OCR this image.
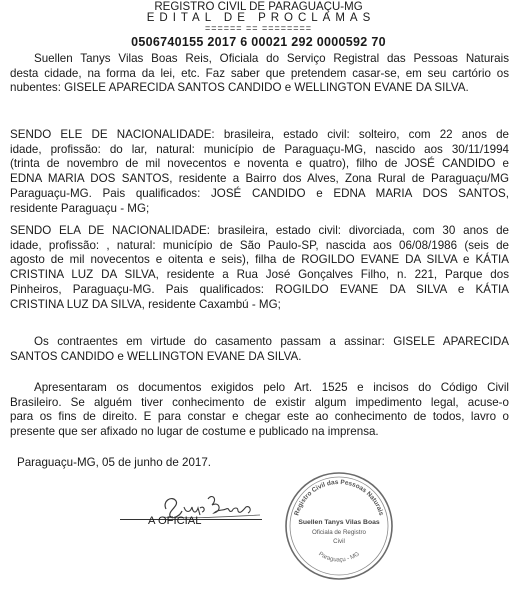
REGISTRO CIVIL DE PARAGUAÇU-MG
EDITAL DE PROCLAMAS
====== == ========
0506740155 2017 6 00021 292 0000592 70
Suellen Tanys Vilas Boas Reis, Oficiala do Serviço Registral das Pessoas Naturais
desta cidade, na forma da lei, etc. Faz saber que pretendem casar-se, em seu cartório os
nubentes: GISELE APARECIDA SANTOS CANDIDO e WELLINGTON EVANE DA SILVA.
SENDO ELE DE NACIONALIDADE: brasileira, estado civil: solteiro, com 22 anos de
idade, profissão: do lar, natural: município de Paraguaçu-MG, nascido aos 30/11/1994
(trinta de novembro de mil novecentos e noventa e quatro), filho de JOSÉ CANDIDO e
EDNA MARIA DOS SANTOS, residente a Bairro dos Alves, Zona Rural de Paraguaçu/MG
Paraguaçu-MG. Pais qualificados: JOSÉ CANDIDO e EDNA MARIA DOS SANTOS,
residente Paraguaçu - MG;
SENDO ELA DE NACIONALIDADE: brasileira, estado civil: divorciada, com 30 anos de
idade, profissão: , natural: município de São Paulo-SP, nascida aos 06/08/1986 (seis de
agosto de mil novecentos e oitenta e seis), filha de ROGILDO EVANE DA SILVA e KÁTIA
CRISTINA LUZ DA SILVA, residente a Rua José Gonçalves Filho, n. 221, Parque dos
Pinheiros, Paraguaçu-MG. Pais qualificados: ROGILDO EVANE DA SILVA e KÁTIA
CRISTINA LUZ DA SILVA, residente Caxambú - MG;
Os contraentes em virtude do casamento passam a assinar: GISELE APARECIDA
SANTOS CANDIDO e WELLINGTON EVANE DA SILVA.
Apresentaram os documentos exigidos pelo Art. 1525 e incisos do Código Civil
Brasileiro. Se alguém tiver conhecimento de existir algum impedimento legal, acuse-o
para os fins de direito. E para constar e chegar este ao conhecimento de todos, lavro o
presente que ser afixado no lugar de costume e publicado na imprensa.
Paraguaçu-MG, 05 de junho de 2017.
A OFICIAL
Registro Civil das Pessoas Naturais
Suellen Tanys Vilas Boas
Oficiala de Registro
Civil
Paraguaçu - MG
